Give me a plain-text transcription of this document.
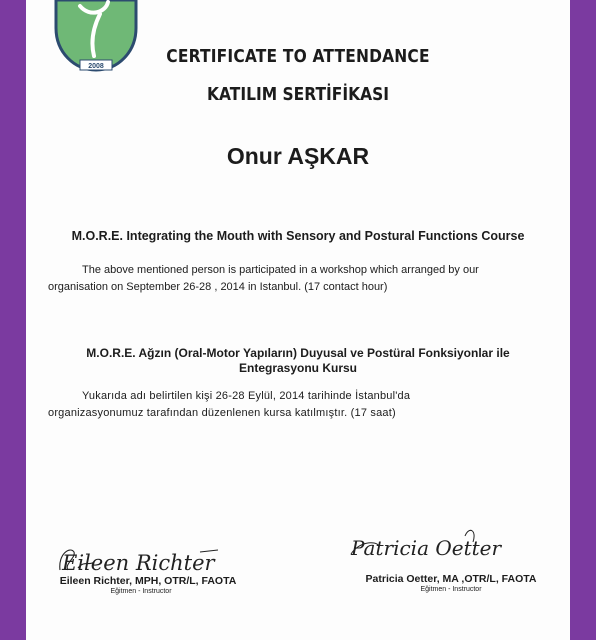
2008	CERTIFICATE TO ATTENDANCE
KATILIM SERTİFİKASI
Onur AŞKAR
M.O.R.E. Integrating the Mouth with Sensory and Postural Functions Course
The above mentioned person is participated in a workshop which arranged by our
organisation on September 26-28 , 2014 in Istanbul. (17 contact hour)
M.O.R.E. Ağzın (Oral-Motor Yapıların) Duyusal ve Postüral Fonksiyonlar ile
Entegrasyonu Kursu
Yukarıda adı belirtilen kişi 26-28 Eylül, 2014 tarihinde İstanbul'da
organizasyonumuz tarafından düzenlenen kursa katılmıştır. (17 saat)
Eileen Richter
Eileen Richter, MPH, OTR/L, FAOTA
Eğitmen - Instructor
Patricia Oetter
Patricia Oetter, MA ,OTR/L, FAOTA
Eğitmen - Instructor
